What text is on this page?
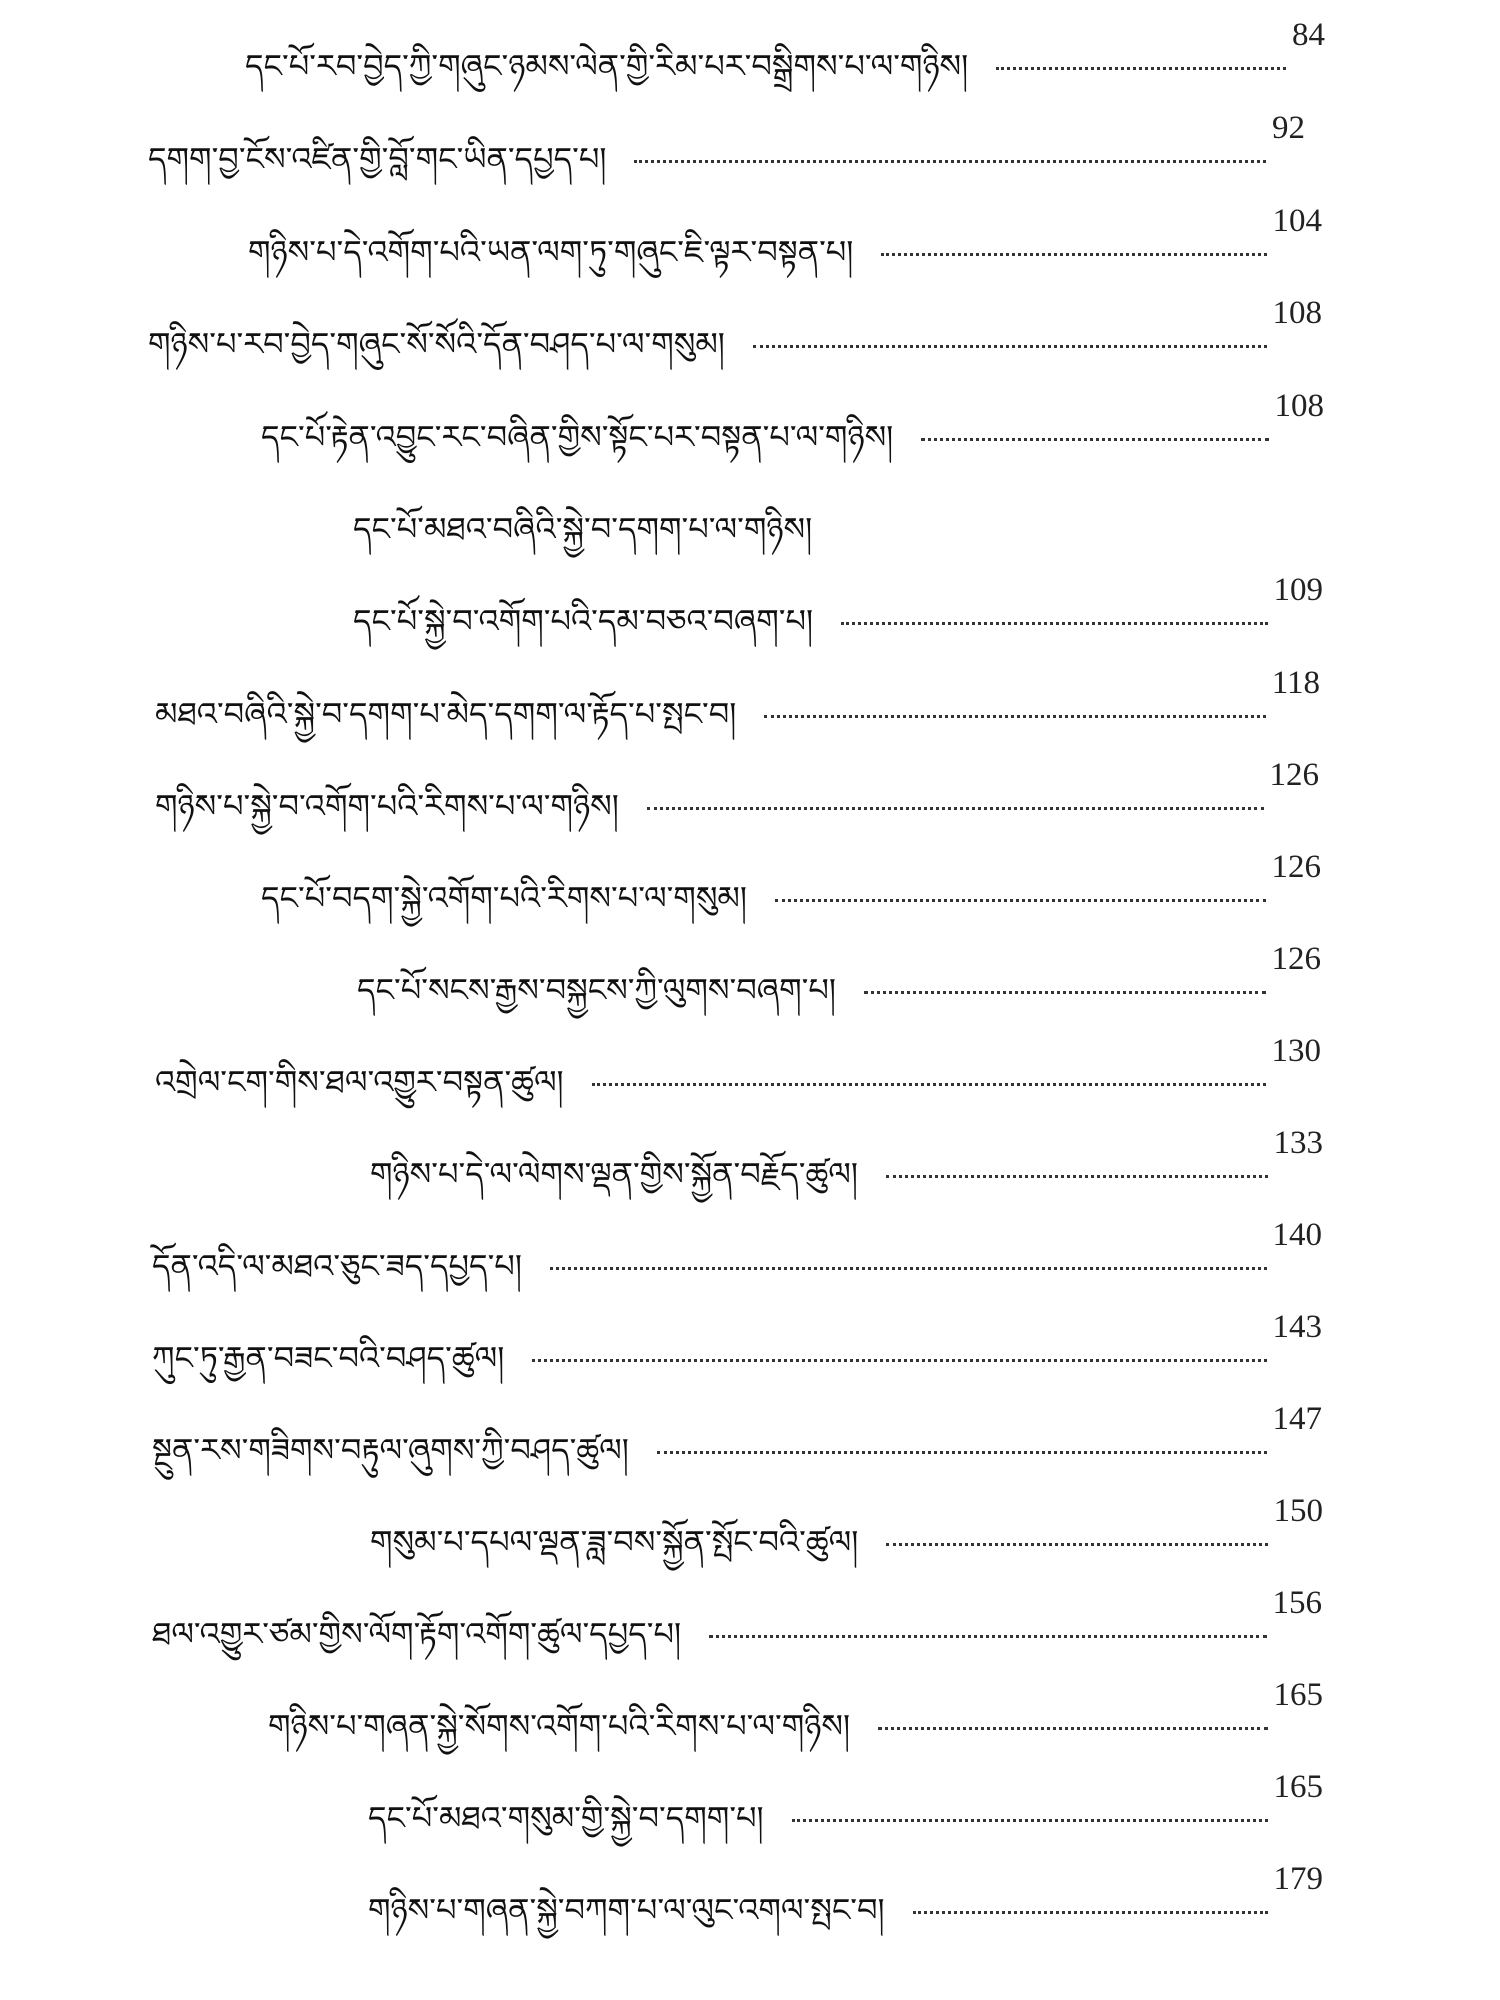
དང་པོ་རབ་བྱེད་ཀྱི་གཞུང་ཉམས་ལེན་གྱི་རིམ་པར་བསྒྲིགས་པ་ལ་གཉིས།
84
དགག་བྱ་ངོས་འཛིན་གྱི་བློ་གང་ཡིན་དཔྱད་པ།
92
གཉིས་པ་དེ་འགོག་པའི་ཡན་ལག་ཏུ་གཞུང་ཇི་ལྟར་བསྟན་པ།
104
གཉིས་པ་རབ་བྱེད་གཞུང་སོ་སོའི་དོན་བཤད་པ་ལ་གསུམ།
108
དང་པོ་རྟེན་འབྱུང་རང་བཞིན་གྱིས་སྟོང་པར་བསྟན་པ་ལ་གཉིས།
108
དང་པོ་མཐའ་བཞིའི་སྐྱེ་བ་དགག་པ་ལ་གཉིས།
དང་པོ་སྐྱེ་བ་འགོག་པའི་དམ་བཅའ་བཞག་པ།
109
མཐའ་བཞིའི་སྐྱེ་བ་དགག་པ་མེད་དགག་ལ་རྟོད་པ་སྤང་བ།
118
གཉིས་པ་སྐྱེ་བ་འགོག་པའི་རིགས་པ་ལ་གཉིས།
126
དང་པོ་བདག་སྐྱེ་འགོག་པའི་རིགས་པ་ལ་གསུམ།
126
དང་པོ་སངས་རྒྱས་བསྐྱངས་ཀྱི་ལུགས་བཞག་པ།
126
འགྲེལ་ངག་གིས་ཐལ་འགྱུར་བསྟན་ཚུལ།
130
གཉིས་པ་དེ་ལ་ལེགས་ལྡན་གྱིས་སྐྱོན་བརྗོད་ཚུལ།
133
དོན་འདི་ལ་མཐའ་ཅུང་ཟད་དཔྱད་པ།
140
ཀུང་ཏུ་རྒྱན་བཟང་བའི་བཤད་ཚུལ།
143
སྔུན་རས་གཟིགས་བརྟུལ་ཞུགས་ཀྱི་བཤད་ཚུལ།
147
གསུམ་པ་དཔལ་ལྡན་ཟླ་བས་སྐྱོན་སྤོང་བའི་ཚུལ།
150
ཐལ་འགྱུར་ཙམ་གྱིས་ལོག་རྟོག་འགོག་ཚུལ་དཔྱད་པ།
156
གཉིས་པ་གཞན་སྐྱེ་སོགས་འགོག་པའི་རིགས་པ་ལ་གཉིས།
165
དང་པོ་མཐའ་གསུམ་གྱི་སྐྱེ་བ་དགག་པ།
165
གཉིས་པ་གཞན་སྐྱེ་བཀག་པ་ལ་ལུང་འགལ་སྤང་བ།
179
